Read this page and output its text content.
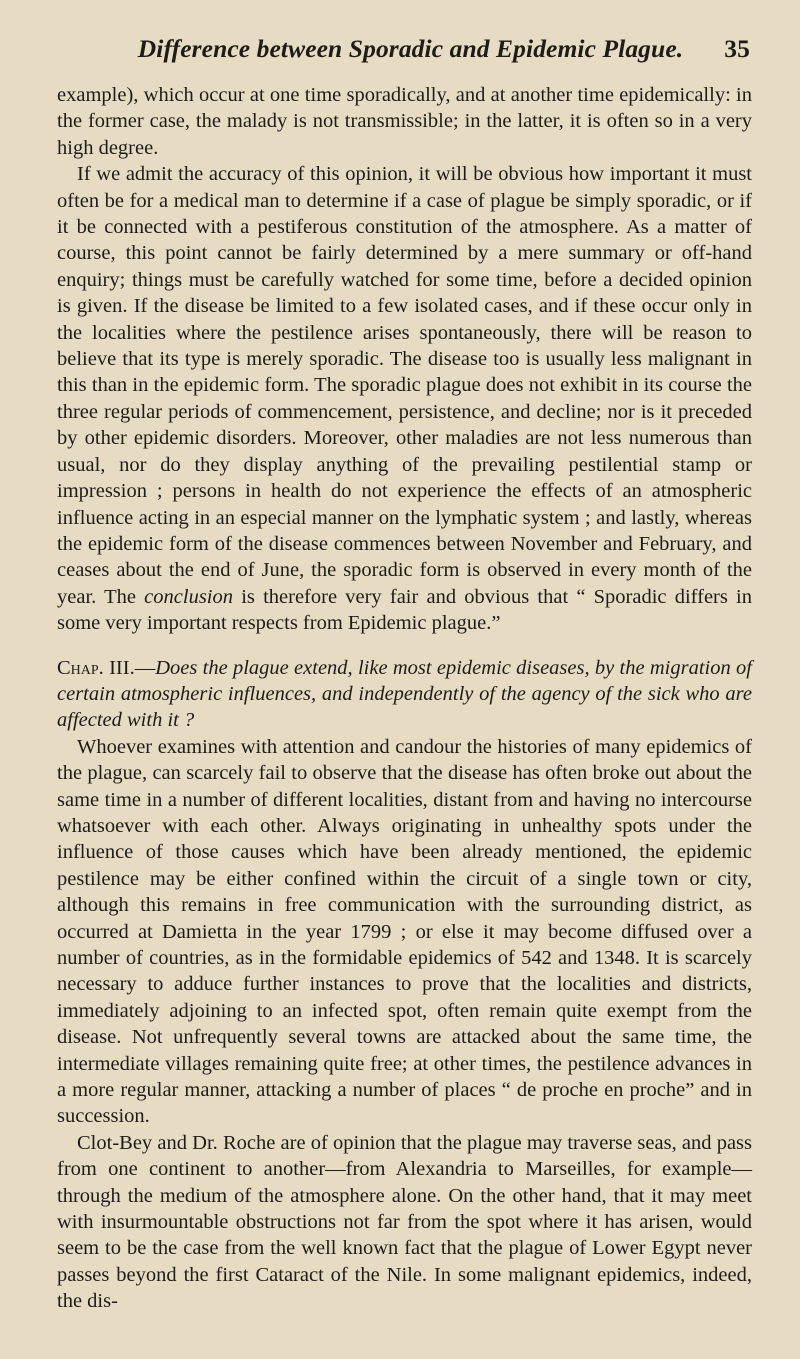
Difference between Sporadic and Epidemic Plague. 35

example), which occur at one time sporadically, and at another time epidemically: in the former case, the malady is not transmissible; in the latter, it is often so in a very high degree.

If we admit the accuracy of this opinion, it will be obvious how important it must often be for a medical man to determine if a case of plague be simply sporadic, or if it be connected with a pestiferous constitution of the atmosphere. As a matter of course, this point cannot be fairly determined by a mere summary or off-hand enquiry; things must be carefully watched for some time, before a decided opinion is given. If the disease be limited to a few isolated cases, and if these occur only in the localities where the pestilence arises spontaneously, there will be reason to believe that its type is merely sporadic. The disease too is usually less malignant in this than in the epidemic form. The sporadic plague does not exhibit in its course the three regular periods of commencement, persistence, and decline; nor is it preceded by other epidemic disorders. Moreover, other maladies are not less numerous than usual, nor do they display anything of the prevailing pestilential stamp or impression ; persons in health do not experience the effects of an atmospheric influence acting in an especial manner on the lymphatic system ; and lastly, whereas the epidemic form of the disease commences between November and February, and ceases about the end of June, the sporadic form is observed in every month of the year. The conclusion is therefore very fair and obvious that “ Sporadic differs in some very important respects from Epidemic plague.”

Chap. III.—Does the plague extend, like most epidemic diseases, by the migration of certain atmospheric influences, and independently of the agency of the sick who are affected with it ?

Whoever examines with attention and candour the histories of many epidemics of the plague, can scarcely fail to observe that the disease has often broke out about the same time in a number of different localities, distant from and having no intercourse whatsoever with each other. Always originating in unhealthy spots under the influence of those causes which have been already mentioned, the epidemic pestilence may be either confined within the circuit of a single town or city, although this remains in free communication with the surrounding district, as occurred at Damietta in the year 1799 ; or else it may become diffused over a number of countries, as in the formidable epidemics of 542 and 1348. It is scarcely necessary to adduce further instances to prove that the localities and districts, immediately adjoining to an infected spot, often remain quite exempt from the disease. Not unfrequently several towns are attacked about the same time, the intermediate villages remaining quite free; at other times, the pestilence advances in a more regular manner, attacking a number of places “ de proche en proche” and in succession.

Clot-Bey and Dr. Roche are of opinion that the plague may traverse seas, and pass from one continent to another—from Alexandria to Marseilles, for example—through the medium of the atmosphere alone. On the other hand, that it may meet with insurmountable obstructions not far from the spot where it has arisen, would seem to be the case from the well known fact that the plague of Lower Egypt never passes beyond the first Cataract of the Nile. In some malignant epidemics, indeed, the dis-
